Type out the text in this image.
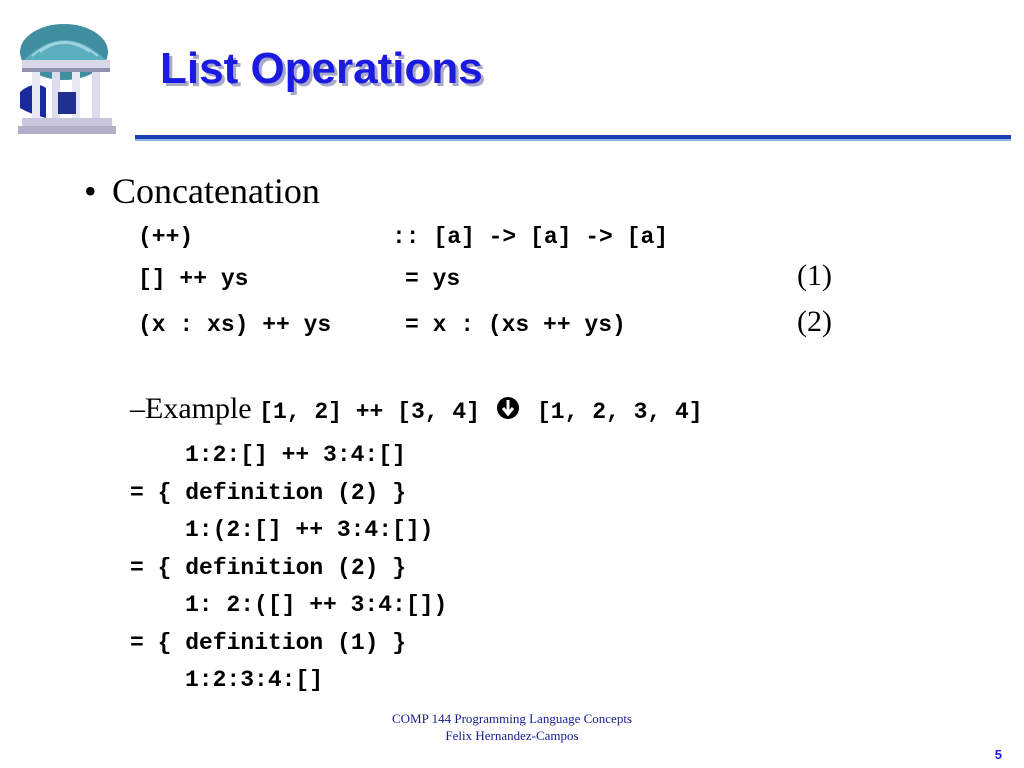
List Operations
• Concatenation
(++)	:: [a] -> [a] -> [a]
[] ++ ys	= ys	(1)
(x : xs) ++ ys	= x : (xs ++ ys)	(2)
–Example [1, 2] ++ [3, 4] [1, 2, 3, 4]
1:2:[] ++ 3:4:[]
= { definition (2) }
1:(2:[] ++ 3:4:[])
= { definition (2) }
1: 2:([] ++ 3:4:[])
= { definition (1) }
1:2:3:4:[]
COMP 144 Programming Language Concepts
Felix Hernandez-Campos
5
